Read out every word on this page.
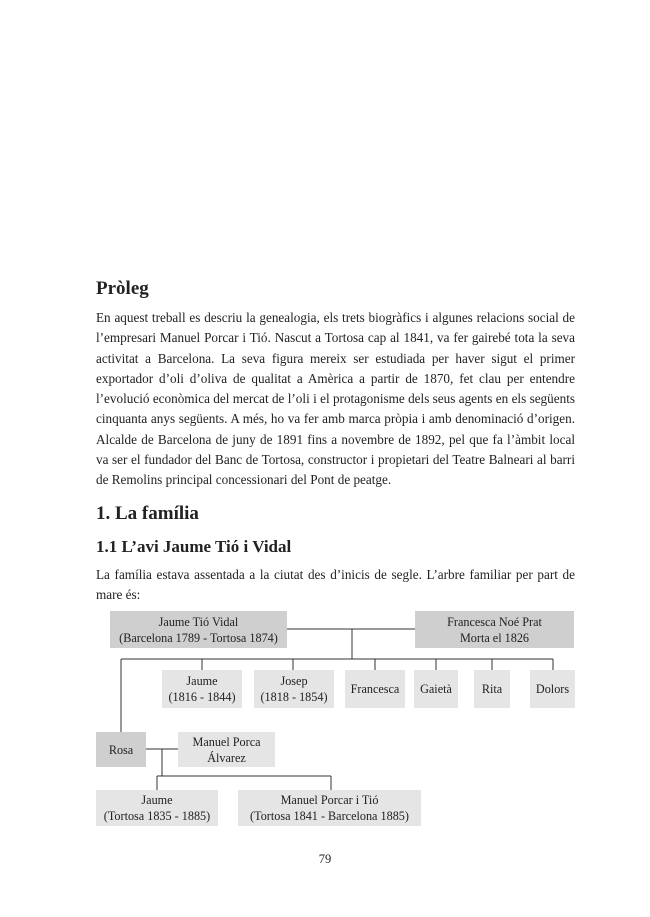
Pròleg

En aquest treball es descriu la genealogia, els trets biogràfics i algunes relacions social de l’empresari Manuel Porcar i Tió. Nascut a Tortosa cap al 1841, va fer gairebé tota la seva activitat a Barcelona. La seva figura mereix ser estudiada per haver sigut el primer exportador d’oli d’oliva de qualitat a Amèrica a partir de 1870, fet clau per entendre l’evolució econòmica del mercat de l’oli i el protagonisme dels seus agents en els següents cinquanta anys següents. A més, ho va fer amb marca pròpia i amb denominació d’origen. Alcalde de Barcelona de juny de 1891 fins a novembre de 1892, pel que fa l’àmbit local va ser el fundador del Banc de Tortosa, constructor i propietari del Teatre Balneari al barri de Remolins principal concessionari del Pont de peatge.

1. La família
1.1 L’avi Jaume Tió i Vidal

La família estava assentada a la ciutat des d’inicis de segle. L’arbre familiar per part de mare és:

Jaume Tió Vidal
(Barcelona 1789 - Tortosa 1874)
Francesca Noé Prat
Morta el 1826
Jaume
(1816 - 1844)
Josep
(1818 - 1854)
Francesca Gaietà Rita	Dolors
Rosa
Manuel Porca
Álvarez
Jaume
(Tortosa 1835 - 1885)
Manuel Porcar i Tió
(Tortosa 1841 - Barcelona 1885)
79
